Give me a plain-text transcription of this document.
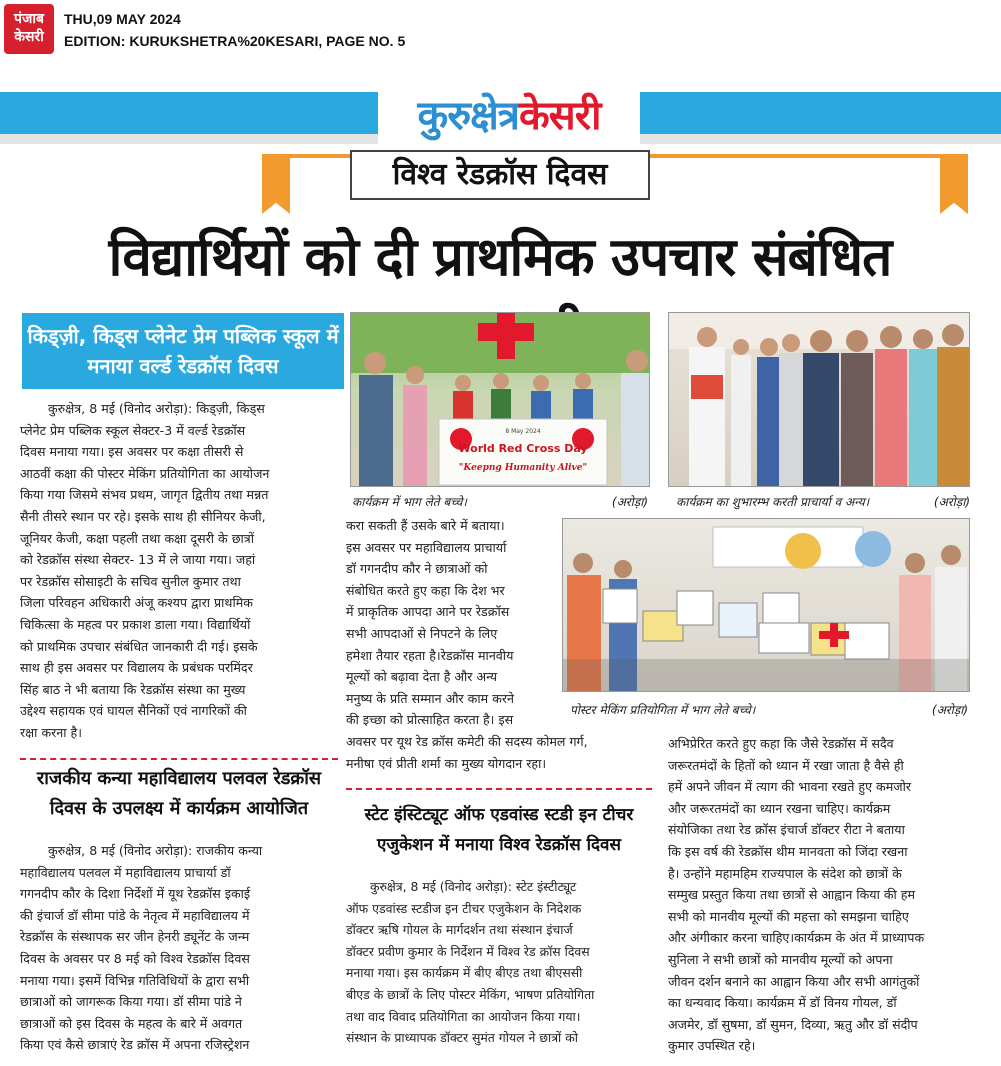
पंजाब
केसरी
THU,09 MAY 2024
EDITION: KURUKSHETRA%20KESARI, PAGE NO. 5
कुरुक्षेत्रकेसरी
विश्व रेडक्रॉस दिवस
विद्यार्थियों को दी प्राथमिक उपचार संबंधित
किड्ज़ी, किड्स प्लेनेट प्रेम पब्लिक स्कूल में मनाया वर्ल्ड रेडक्रॉस दिवस
कुरुक्षेत्र, 8 मई (विनोद अरोड़ा): किड्ज़ी, किड्स
प्लेनेट प्रेम पब्लिक स्कूल सेक्टर-3 में वर्ल्ड रेडक्रॉस
दिवस मनाया गया। इस अवसर पर कक्षा तीसरी से
आठवीं कक्षा की पोस्टर मेकिंग प्रतियोगिता का आयोजन
किया गया जिसमे संभव प्रथम, जागृत द्वितीय तथा मन्नत
सैनी तीसरे स्थान पर रहे। इसके साथ ही सीनियर केजी,
जूनियर केजी, कक्षा पहली तथा कक्षा दूसरी के छात्रों
को रेडक्रॉस संस्था सेक्टर- 13 में ले जाया गया। जहां
पर रेडक्रॉस सोसाइटी के सचिव सुनील कुमार तथा
जिला परिवहन अधिकारी अंजू कश्यप द्वारा प्राथमिक
चिकित्सा के महत्व पर प्रकाश डाला गया। विद्यार्थियों
को प्राथमिक उपचार संबंधित जानकारी दी गई। इसके
साथ ही इस अवसर पर विद्यालय के प्रबंधक परमिंदर
सिंह बाठ ने भी बताया कि रेडक्रॉस संस्था का मुख्य
उद्देश्य सहायक एवं घायल सैनिकों एवं नागरिकों की
रक्षा करना है।
राजकीय कन्या महाविद्यालय पलवल रेडक्रॉस
दिवस के उपलक्ष्य में कार्यक्रम आयोजित
कुरुक्षेत्र, 8 मई (विनोद अरोड़ा): राजकीय कन्या
महाविद्यालय पलवल में महाविद्यालय प्राचार्या डॉ
गगनदीप कौर के दिशा निर्देशों में यूथ रेडक्रॉस इकाई
की इंचार्ज डॉ सीमा पांडे के नेतृत्व में महाविद्यालय में
रेडक्रॉस के संस्थापक सर जीन हेनरी ड्यूनेंट के जन्म
दिवस के अवसर पर 8 मई को विश्व रेडक्रॉस दिवस
मनाया गया। इसमें विभिन्न गतिविधियों के द्वारा सभी
छात्राओं को जागरूक किया गया। डॉ सीमा पांडे ने
छात्राओं को इस दिवस के महत्व के बारे में अवगत
किया एवं कैसे छात्राएं रेड क्रॉस में अपना रजिस्ट्रेशन
8 May 2024
World Red Cross Day
"Keepng Humanity Alive"
कार्यक्रम में भाग लेते बच्चे।	(अरोड़ा) कार्यक्रम का शुभारम्भ करती प्राचार्या व अन्य।	(अरोड़ा)
करा सकती हैं उसके बारे में बताया।
इस अवसर पर महाविद्यालय प्राचार्या
डॉ गगनदीप कौर ने छात्राओं को
संबोधित करते हुए कहा कि देश भर
में प्राकृतिक आपदा आने पर रेडक्रॉस
सभी आपदाओं से निपटने के लिए
हमेशा तैयार रहता है।रेडक्रॉस मानवीय
मूल्यों को बढ़ावा देता है और अन्य
मनुष्य के प्रति सम्मान और काम करने
की इच्छा को प्रोत्साहित करता है। इस
अवसर पर यूथ रेड क्रॉस कमेटी की सदस्य कोमल गर्ग,
मनीषा एवं प्रीती शर्मा का मुख्य योगदान रहा।
पोस्टर मेकिंग प्रतियोगिता में भाग लेते बच्चे।	(अरोड़ा)
स्टेट इंस्टिट्यूट ऑफ एडवांस्ड स्टडी इन टीचर
एजुकेशन में मनाया विश्व रेडक्रॉस दिवस
कुरुक्षेत्र, 8 मई (विनोद अरोड़ा): स्टेट इंस्टीट्यूट
ऑफ एडवांस्ड स्टडीज इन टीचर एजुकेशन के निदेशक
डॉक्टर ऋषि गोयल के मार्गदर्शन तथा संस्थान इंचार्ज
डॉक्टर प्रवीण कुमार के निर्देशन में विश्व रेड क्रॉस दिवस
मनाया गया। इस कार्यक्रम में बीए बीएड तथा बीएससी
बीएड के छात्रों के लिए पोस्टर मेकिंग, भाषण प्रतियोगिता
तथा वाद विवाद प्रतियोगिता का आयोजन किया गया।
संस्थान के प्राध्यापक डॉक्टर सुमंत गोयल ने छात्रों को
अभिप्रेरित करते हुए कहा कि जैसे रेडक्रॉस में सदैव
जरूरतमंदों के हितों को ध्यान में रखा जाता है वैसे ही
हमें अपने जीवन में त्याग की भावना रखते हुए कमजोर
और जरूरतमंदों का ध्यान रखना चाहिए। कार्यक्रम
संयोजिका तथा रेड क्रॉस इंचार्ज डॉक्टर रीटा ने बताया
कि इस वर्ष की रेडक्रॉस थीम मानवता को जिंदा रखना
है। उन्होंने महामहिम राज्यपाल के संदेश को छात्रों के
सम्मुख प्रस्तुत किया तथा छात्रों से आह्वान किया की हम
सभी को मानवीय मूल्यों की महत्ता को समझना चाहिए
और अंगीकार करना चाहिए।कार्यक्रम के अंत में प्राध्यापक
सुनिला ने सभी छात्रों को मानवीय मूल्यों को अपना
जीवन दर्शन बनाने का आह्वान किया और सभी आगंतुकों
का धन्यवाद किया। कार्यक्रम में डॉ विनय गोयल, डॉ
अजमेर, डॉ सुषमा, डॉ सुमन, दिव्या, ऋतु और डॉ संदीप
कुमार उपस्थित रहे।
